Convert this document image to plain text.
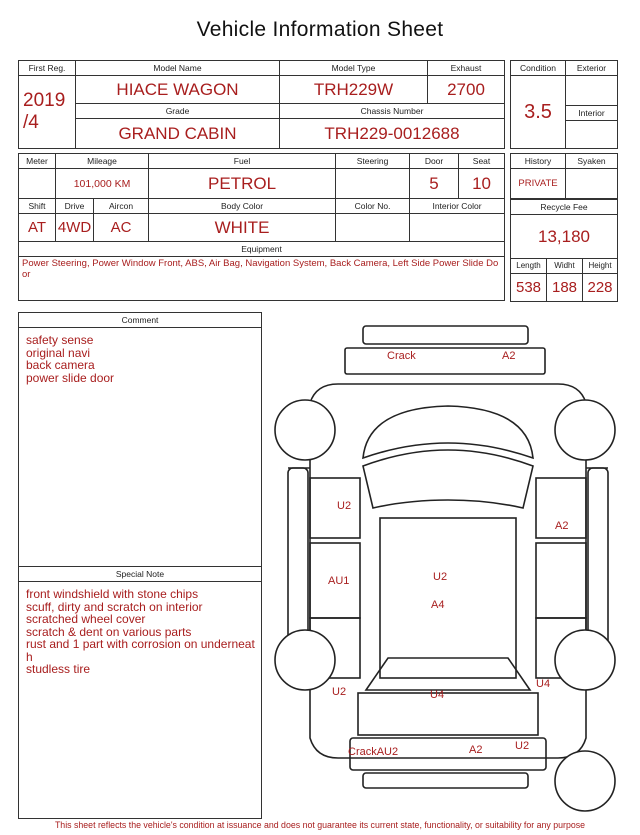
Vehicle Information Sheet
First Reg.	Model Name	Model Type	Exhaust

2019
/4	HIACE WAGON	TRH229W	2700
	Grade	Chassis Number	
	GRAND CABIN	TRH229-0012688	
Condition	Exterior
3.5	
	Interior

Meter	Mileage		Fuel	Steering	Door	Seat
	101,000 KM		PETROL		5	10
Shift	Drive	Aircon	Body Color	Color No.	Interior Color	
AT	4WD	AC	WHITE			
Equipment						

Power Steering, Power Window Front, ABS, Air Bag, Navigation System, Back Camera, Left Side Power Slide Door						
History	Syaken
PRIVATE	
Recycle Fee		
13,180		
Length	Widht	Height
538	188	228
Comment
safety sense
original navi
back camera
power slide door
Special Note
front windshield with stone chips
scuff, dirty and scratch on interior
scratched wheel cover
scratch & dent on various parts
rust and 1 part with corrosion on underneath
studless tire
Crack	A2
U2
A2
AU1	U2
A4
U2	U4
U4
CrackAU2	A2	U2
This sheet reflects the vehicle's condition at issuance and does not guarantee its current state, functionality, or suitability for any purpose
